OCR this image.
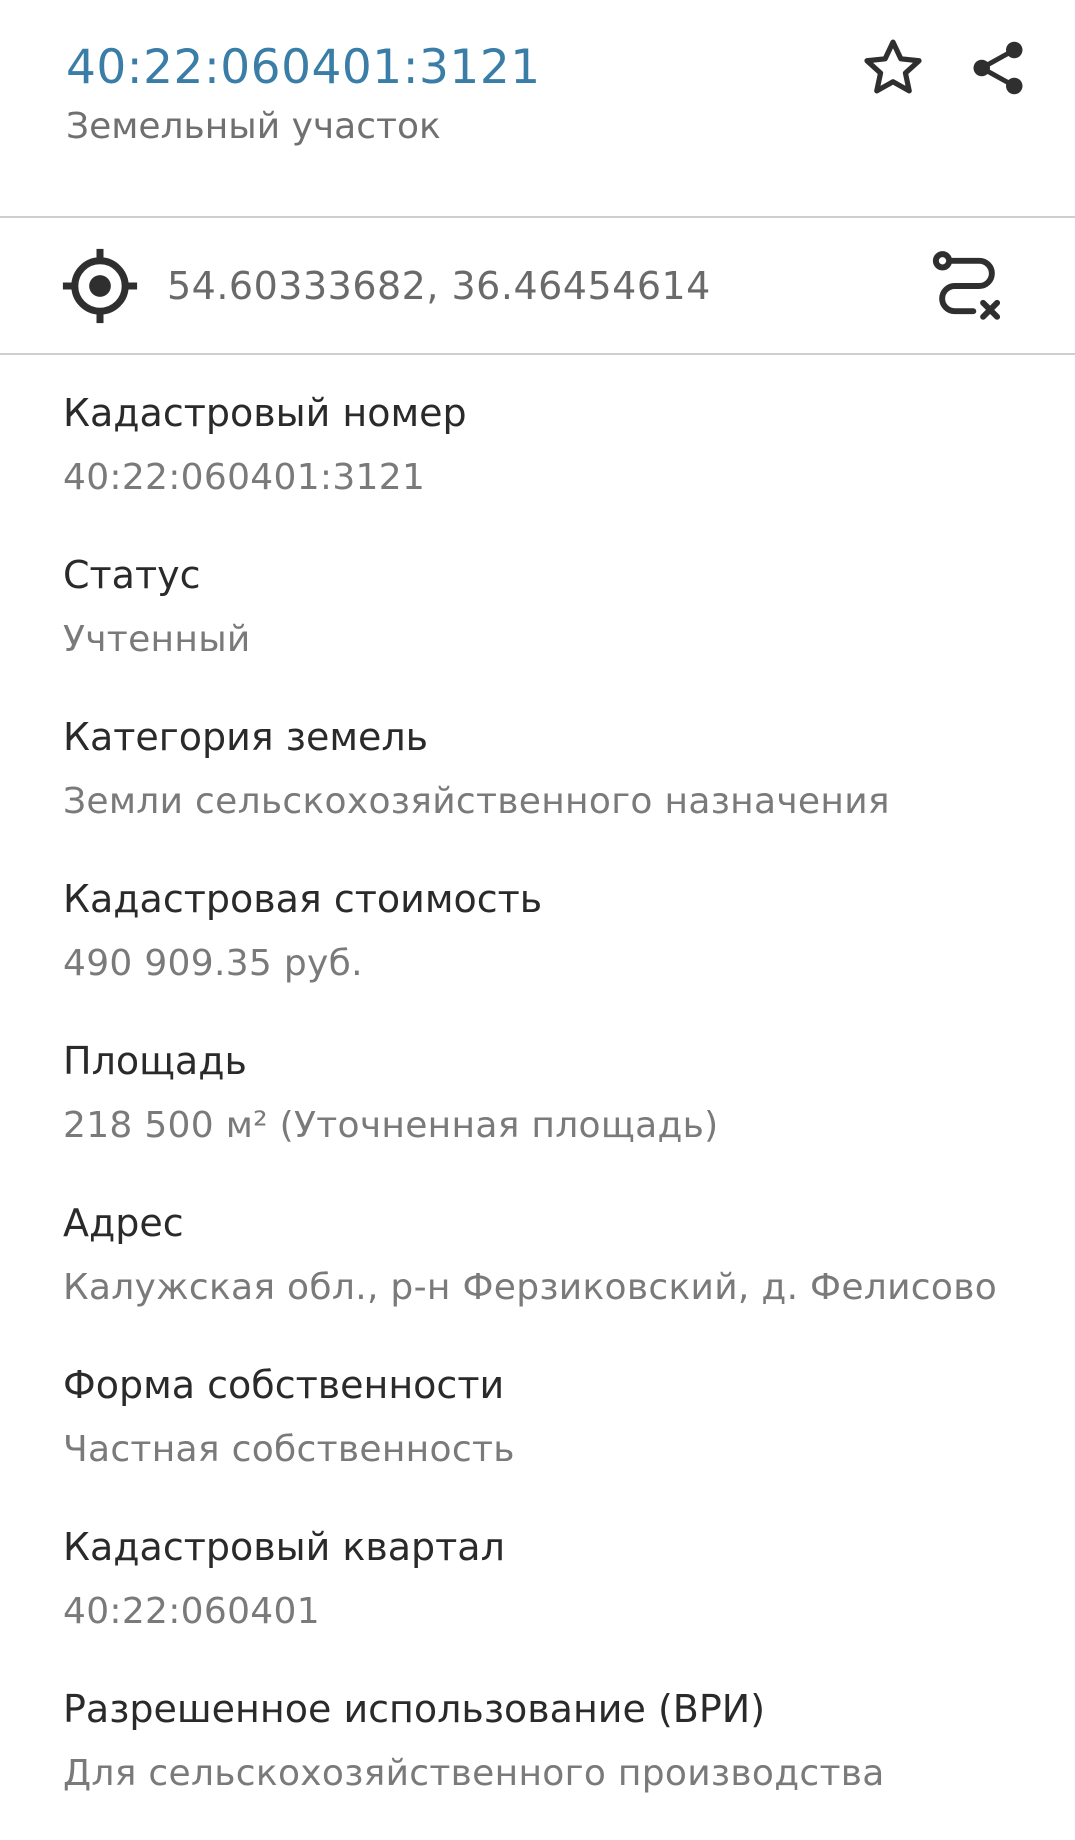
40:22:060401:3121
Земельный участок
54.60333682, 36.46454614
Кадастровый номер
40:22:060401:3121
Статус
Учтенный
Категория земель
Земли сельскохозяйственного назначения
Кадастровая стоимость
490 909.35 руб.
Площадь
218 500 м² (Уточненная площадь)
Адрес
Калужская обл., р-н Ферзиковский, д. Фелисово
Форма собственности
Частная собственность
Кадастровый квартал
40:22:060401
Разрешенное использование (ВРИ)
Для сельскохозяйственного производства
